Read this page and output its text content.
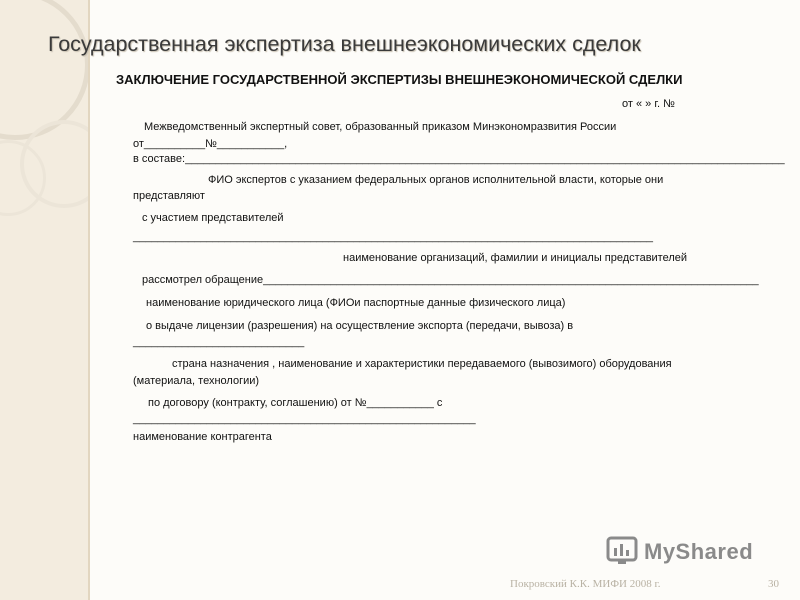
Государственная экспертиза внешнеэкономических сделок
ЗАКЛЮЧЕНИЕ ГОСУДАРСТВЕННОЙ ЭКСПЕРТИЗЫ ВНЕШНЕЭКОНОМИЧЕСКОЙ СДЕЛКИ
от « » г. №
Межведомственный экспертный совет, образованный приказом Минэкономразвития России
от__________№___________,
в составе:__________________________________________________________________________________________________
ФИО экспертов с указанием федеральных органов исполнительной власти, которые они
представляют
с участием представителей
_____________________________________________________________________________________
наименование организаций, фамилии и инициалы представителей
рассмотрел обращение_________________________________________________________________________________
наименование юридического лица (ФИОи паспортные данные физического лица)
о выдаче лицензии (разрешения) на осуществление экспорта (передачи, вывоза) в
____________________________
страна назначения , наименование и характеристики передаваемого (вывозимого) оборудования
(материала, технологии)
по договору (контракту, соглашению) от №___________ с
________________________________________________________
наименование контрагента
MyShared
Покровский К.К. МИФИ 2008 г.	30
